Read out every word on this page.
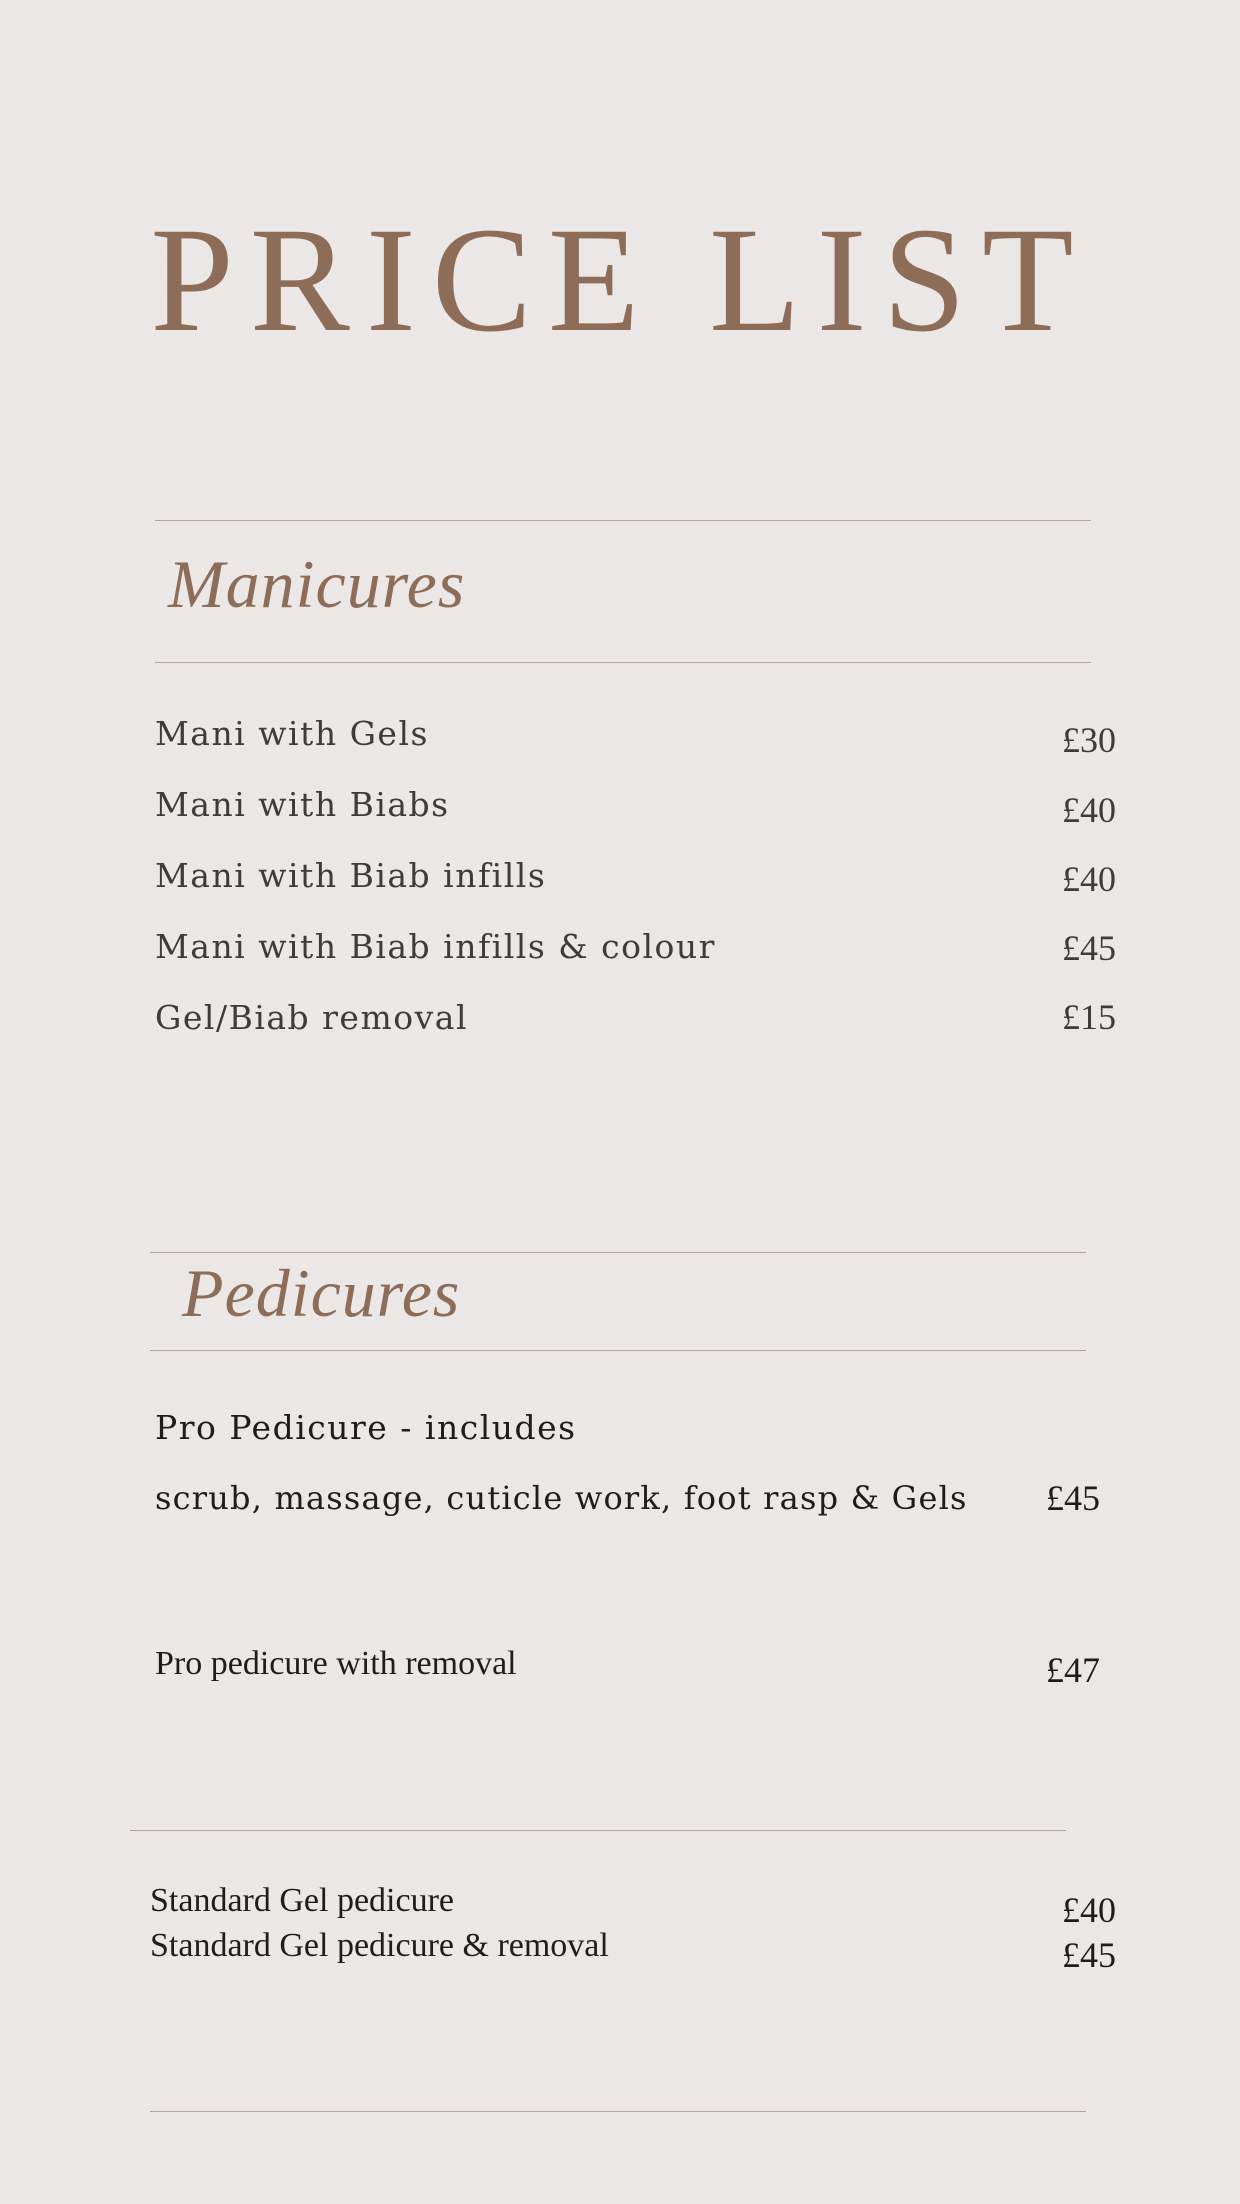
PRICE LIST
Manicures
Mani with Gels	£30
Mani with Biabs	£40
Mani with Biab infills	£40
Mani with Biab infills & colour	£45
Gel/Biab removal	£15
Pedicures
Pro Pedicure - includes
scrub, massage, cuticle work, foot rasp & Gels £45
Pro pedicure with removal	£47
Standard Gel pedicure	£40
Standard Gel pedicure & removal	£45
